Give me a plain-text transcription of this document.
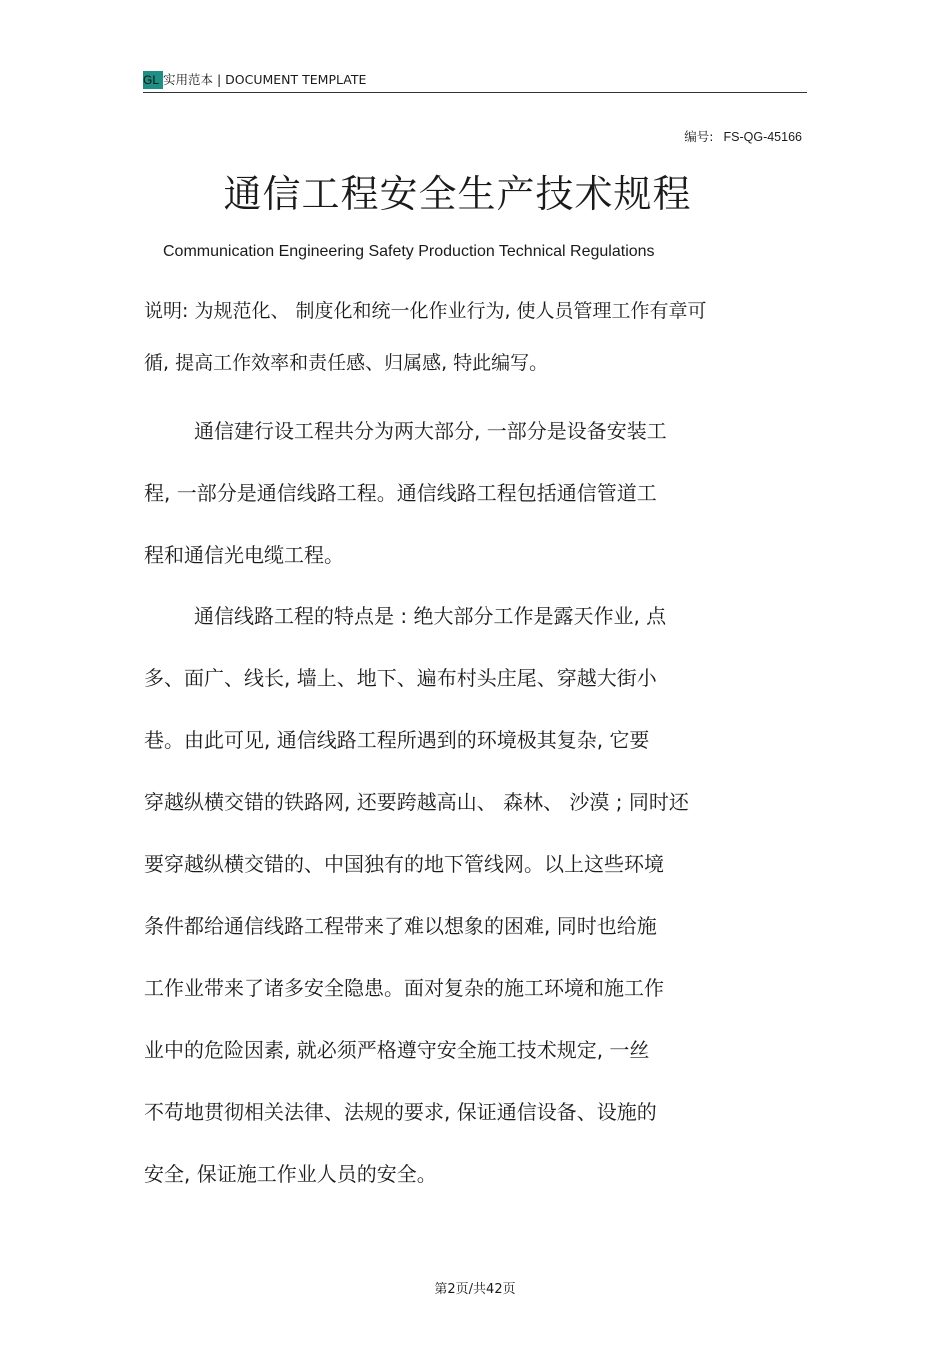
GL 实用范本 | DOCUMENT TEMPLATE
编号: FS-QG-45166
通信工程安全生产技术规程
Communication Engineering Safety Production Technical Regulations
说明: 为规范化、 制度化和统一化作业行为, 使人员管理工作有章可
循, 提高工作效率和责任感、归属感, 特此编写。
通信建行设工程共分为两大部分, 一部分是设备安装工
程, 一部分是通信线路工程。通信线路工程包括通信管道工
程和通信光电缆工程。
通信线路工程的特点是 : 绝大部分工作是露天作业, 点
多、面广、线长, 墙上、地下、遍布村头庄尾、穿越大街小
巷。由此可见, 通信线路工程所遇到的环境极其复杂, 它要
穿越纵横交错的铁路网, 还要跨越高山、 森林、 沙漠 ; 同时还
要穿越纵横交错的、中国独有的地下管线网。以上这些环境
条件都给通信线路工程带来了难以想象的困难, 同时也给施
工作业带来了诸多安全隐患。面对复杂的施工环境和施工作
业中的危险因素, 就必须严格遵守安全施工技术规定, 一丝
不苟地贯彻相关法律、法规的要求, 保证通信设备、设施的
安全, 保证施工作业人员的安全。
第2页/共42页
